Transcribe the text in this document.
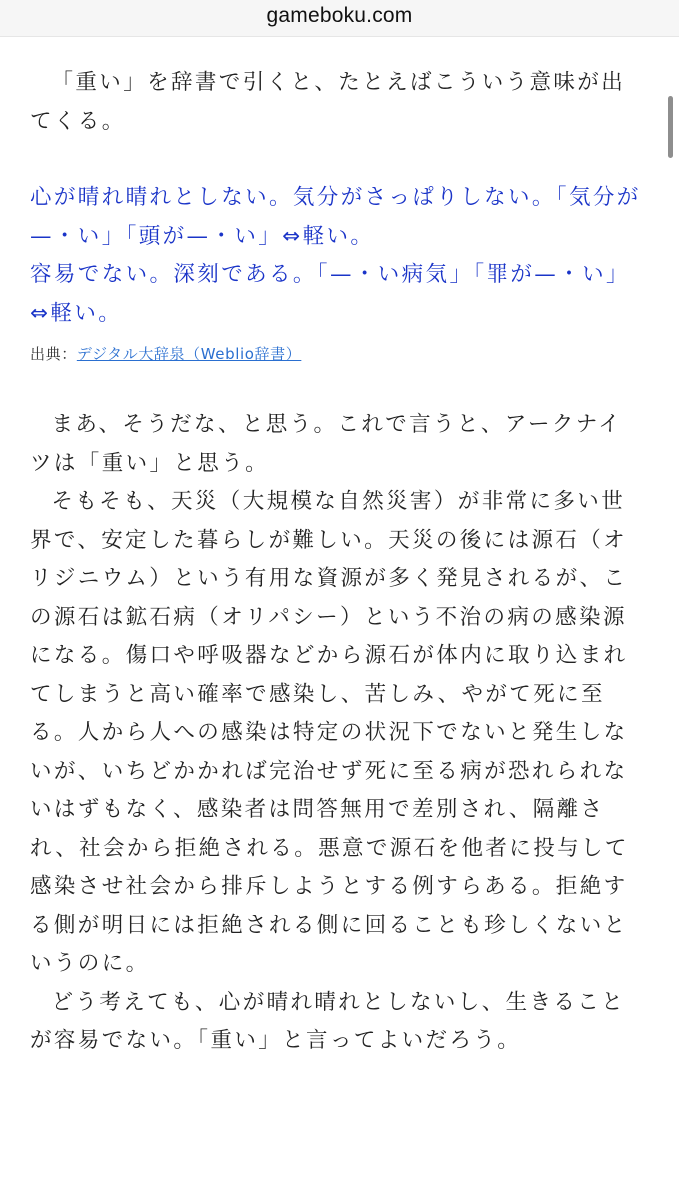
gameboku.com

「重い」を辞書で引くと、たとえばこういう意味が出てくる。

心が晴れ晴れとしない。気分がさっぱりしない。「気分が—・い」「頭が—・い」⇔軽い。

容易でない。深刻である。「—・い病気」「罪が—・い」⇔軽い。

出典：デジタル大辞泉（Weblio辞書）

まあ、そうだな、と思う。これで言うと、アークナイツは「重い」と思う。

そもそも、天災（大規模な自然災害）が非常に多い世界で、安定した暮らしが難しい。天災の後には源石（オリジニウム）という有用な資源が多く発見されるが、この源石は鉱石病（オリパシー）という不治の病の感染源になる。傷口や呼吸器などから源石が体内に取り込まれてしまうと高い確率で感染し、苦しみ、やがて死に至る。人から人への感染は特定の状況下でないと発生しないが、いちどかかれば完治せず死に至る病が恐れられないはずもなく、感染者は問答無用で差別され、隔離され、社会から拒絶される。悪意で源石を他者に投与して感染させ社会から排斥しようとする例すらある。拒絶する側が明日には拒絶される側に回ることも珍しくないというのに。

どう考えても、心が晴れ晴れとしないし、生きることが容易でない。「重い」と言ってよいだろう。
